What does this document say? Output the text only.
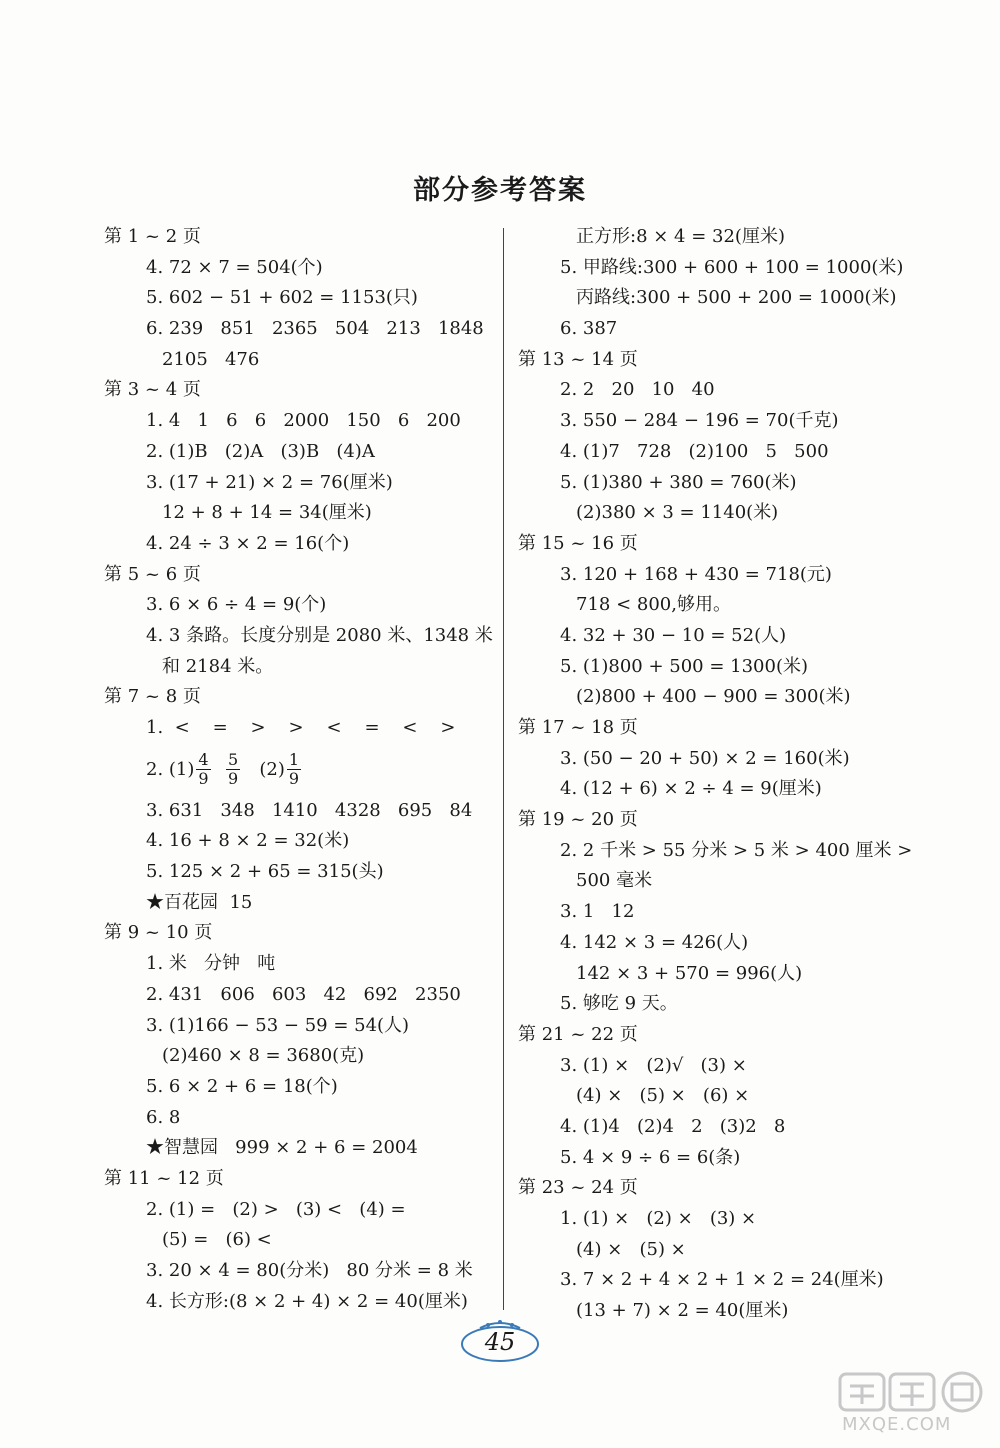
部分参考答案
第 1 ~ 2 页
4. 72 × 7 = 504(个)
5. 602 − 51 + 602 = 1153(只)
6. 239   851   2365   504   213   1848
2105   476
第 3 ~ 4 页
1. 4   1   6   6   2000   150   6   200
2. (1)B   (2)A   (3)B   (4)A
3. (17 + 21) × 2 = 76(厘米)
12 + 8 + 14 = 34(厘米)
4. 24 ÷ 3 × 2 = 16(个)
第 5 ~ 6 页
3. 6 × 6 ÷ 4 = 9(个)
4. 3 条路。长度分别是 2080 米、1348 米
和 2184 米。
第 7 ~ 8 页
1.  <    =    >    >    <    =    <    >
2. $(1) \frac{4}{9}$
$\frac{5}{9} (2) \frac{1}{9}$
3. 631   348   1410   4328   695   84
4. 16 + 8 × 2 = 32(米)
5. 125 × 2 + 65 = 315(头)
★百花园  15
第 9 ~ 10 页
1. 米   分钟   吨
2. 431   606   603   42   692   2350
3. (1)166 − 53 − 59 = 54(人)
(2)460 × 8 = 3680(克)
5. 6 × 2 + 6 = 18(个)
6. 8
★智慧园   999 × 2 + 6 = 2004
第 11 ~ 12 页
2. (1) =   (2) >   (3) <   (4) =
(5) =   (6) <
3. 20 × 4 = 80(分米)   80 分米 = 8 米
4. 长方形:(8 × 2 + 4) × 2 = 40(厘米)
正方形:8 × 4 = 32(厘米)
5. 甲路线:300 + 600 + 100 = 1000(米)
丙路线:300 + 500 + 200 = 1000(米)
6. 387
第 13 ~ 14 页
2. 2   20   10   40
3. 550 − 284 − 196 = 70(千克)
4. (1)7   728   (2)100   5   500
5. (1)380 + 380 = 760(米)
(2)380 × 3 = 1140(米)
第 15 ~ 16 页
3. 120 + 168 + 430 = 718(元)
718 < 800,够用。
4. 32 + 30 − 10 = 52(人)
5. (1)800 + 500 = 1300(米)
(2)800 + 400 − 900 = 300(米)
第 17 ~ 18 页
3. (50 − 20 + 50) × 2 = 160(米)
4. (12 + 6) × 2 ÷ 4 = 9(厘米)
第 19 ~ 20 页
2. 2 千米 > 55 分米 > 5 米 > 400 厘米 >
500 毫米
3. 1   12
4. 142 × 3 = 426(人)
142 × 3 + 570 = 996(人)
5. 够吃 9 天。
第 21 ~ 22 页
3. (1) ×   (2)√   (3) ×
(4) ×   (5) ×   (6) ×
4. (1)4   (2)4   2   (3)2   8
5. 4 × 9 ÷ 6 = 6(条)
第 23 ~ 24 页
1. (1) ×   (2) ×   (3) ×
(4) ×   (5) ×
3. 7 × 2 + 4 × 2 + 1 × 2 = 24(厘米)
(13 + 7) × 2 = 40(厘米)
45
MXQE.COM
